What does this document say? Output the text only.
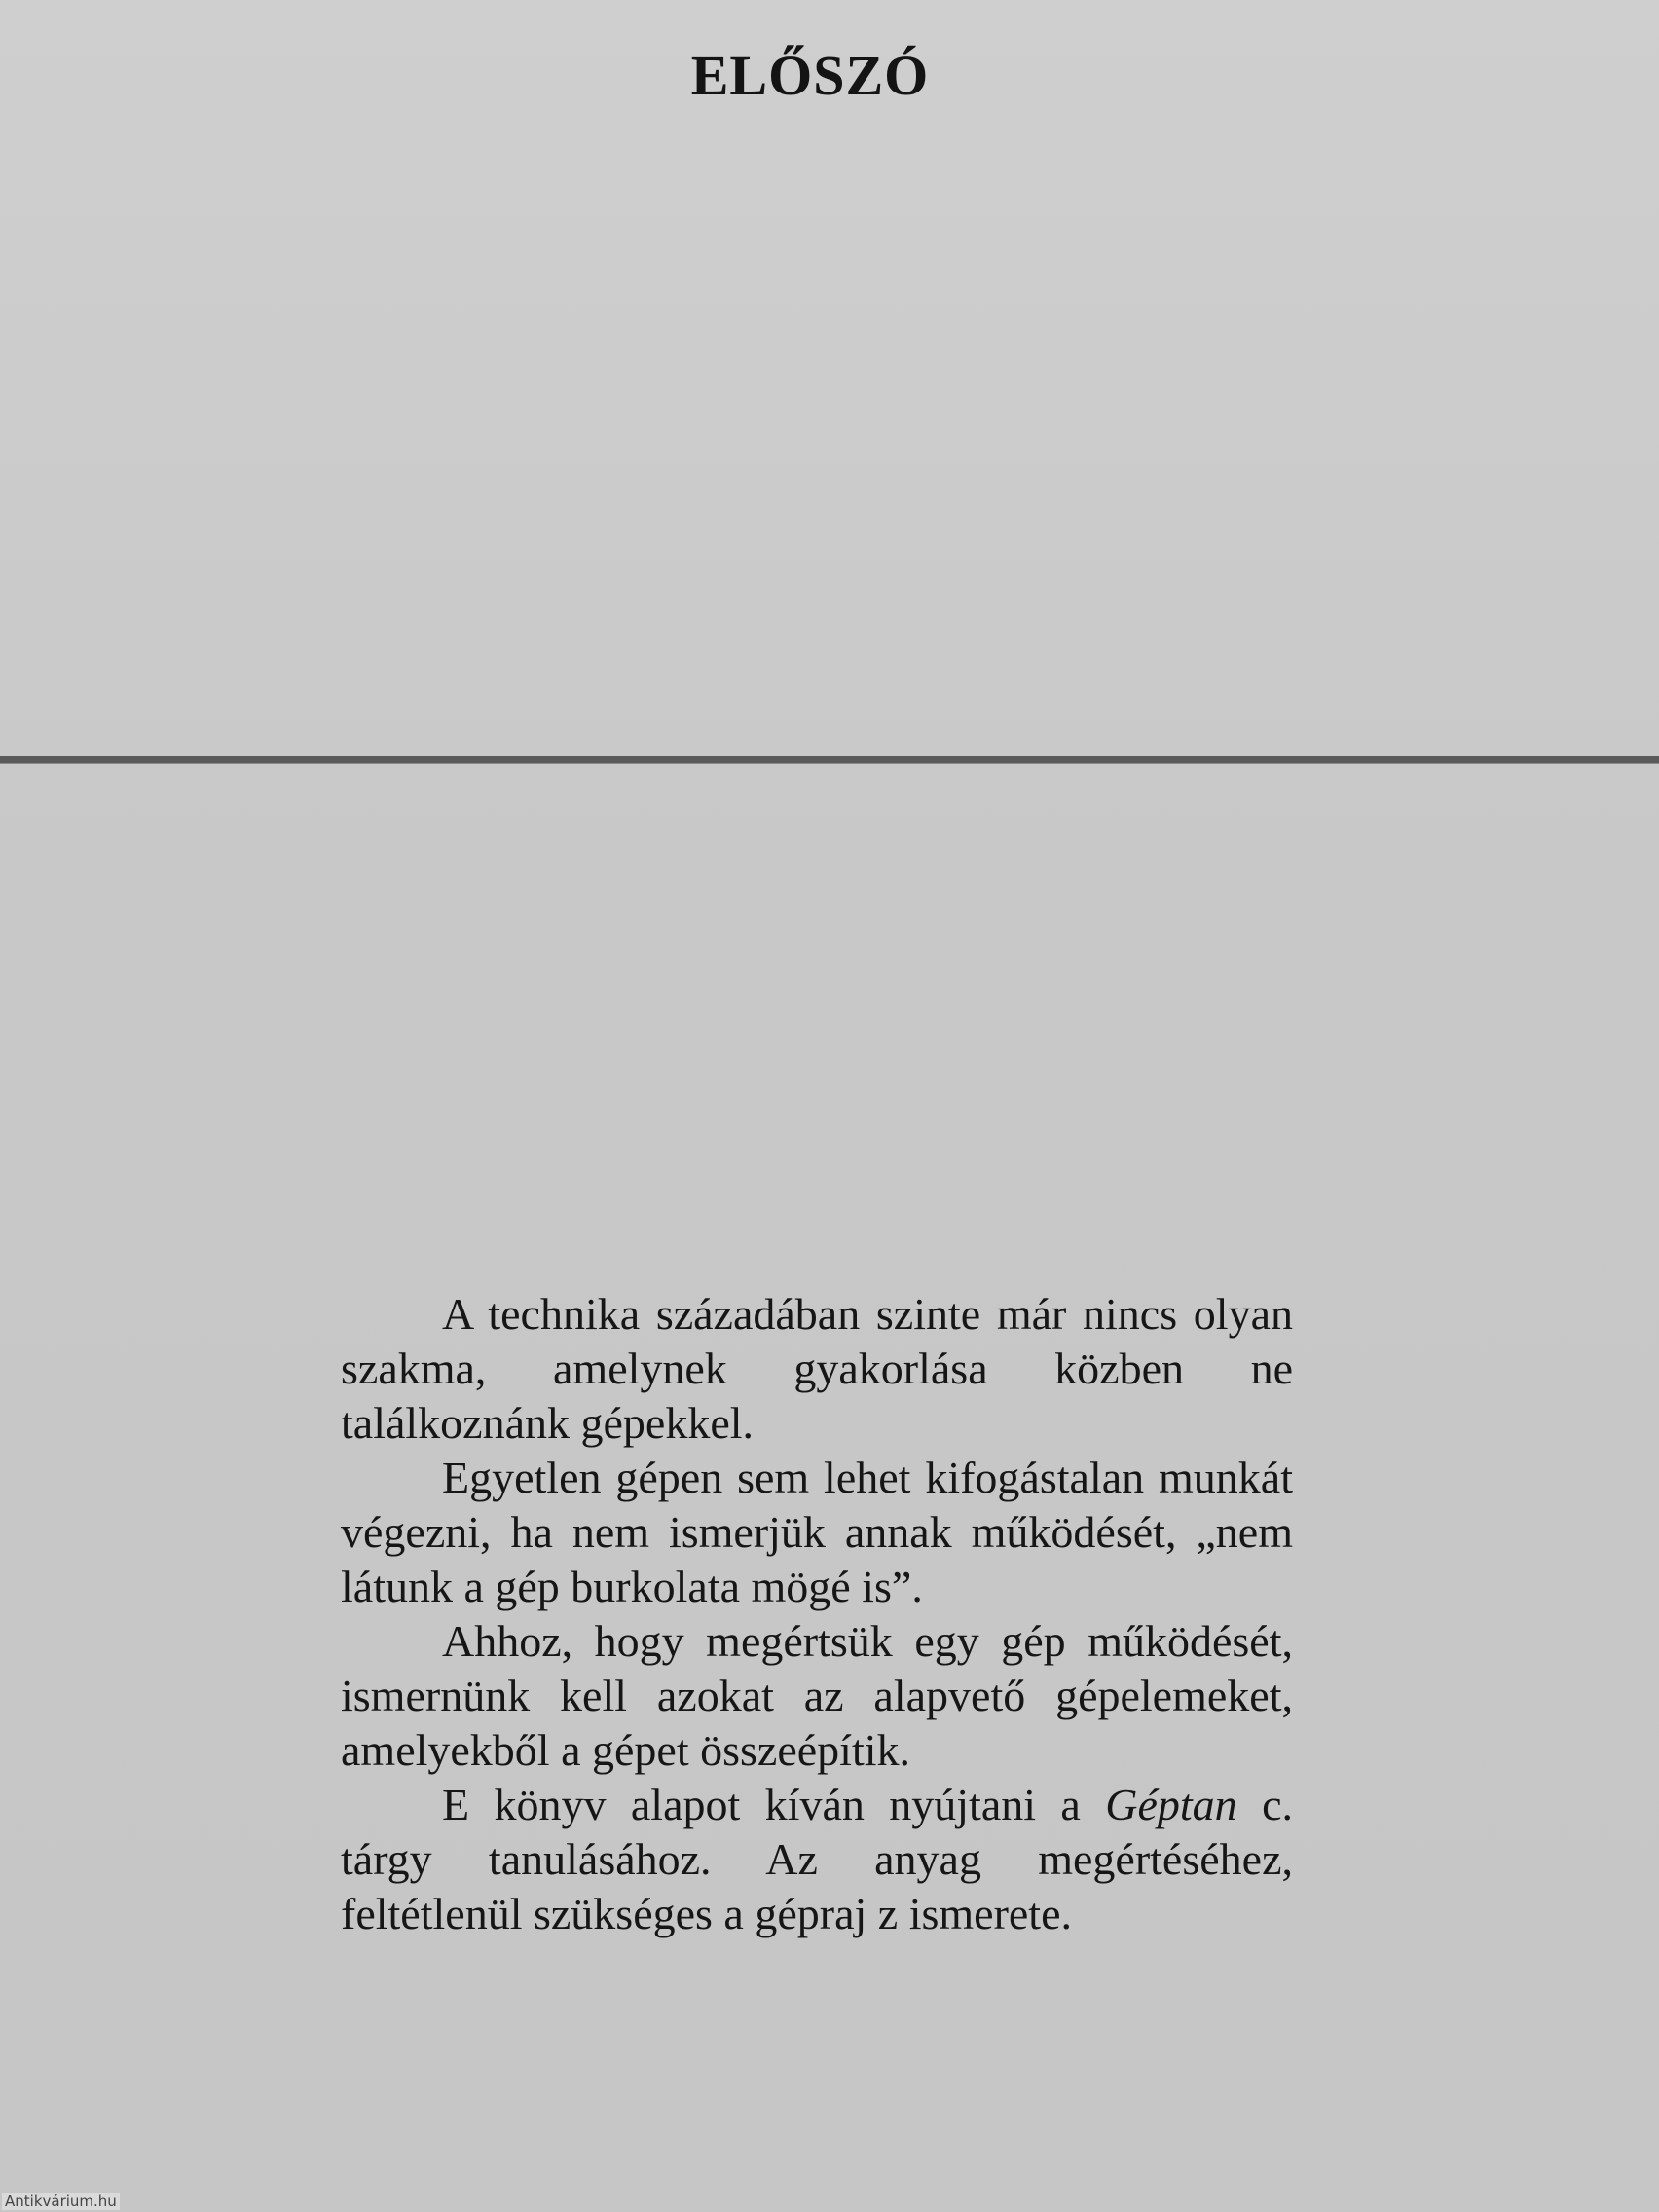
ELŐSZÓ

A technika századában szinte már nincs olyan szakma, amelynek gyakorlása közben ne találkoznánk gépekkel.

Egyetlen gépen sem lehet kifogástalan munkát végezni, ha nem ismerjük annak működését, „nem látunk a gép burkolata mögé is”.

Ahhoz, hogy megértsük egy gép működését, ismernünk kell azokat az alapvető gépelemeket, amelyekből a gépet összeépítik.

E könyv alapot kíván nyújtani a Géptan c. tárgy tanulásához. Az anyag megértéséhez, feltétlenül szükséges a gépraj z ismerete.

Antikvárium.hu
